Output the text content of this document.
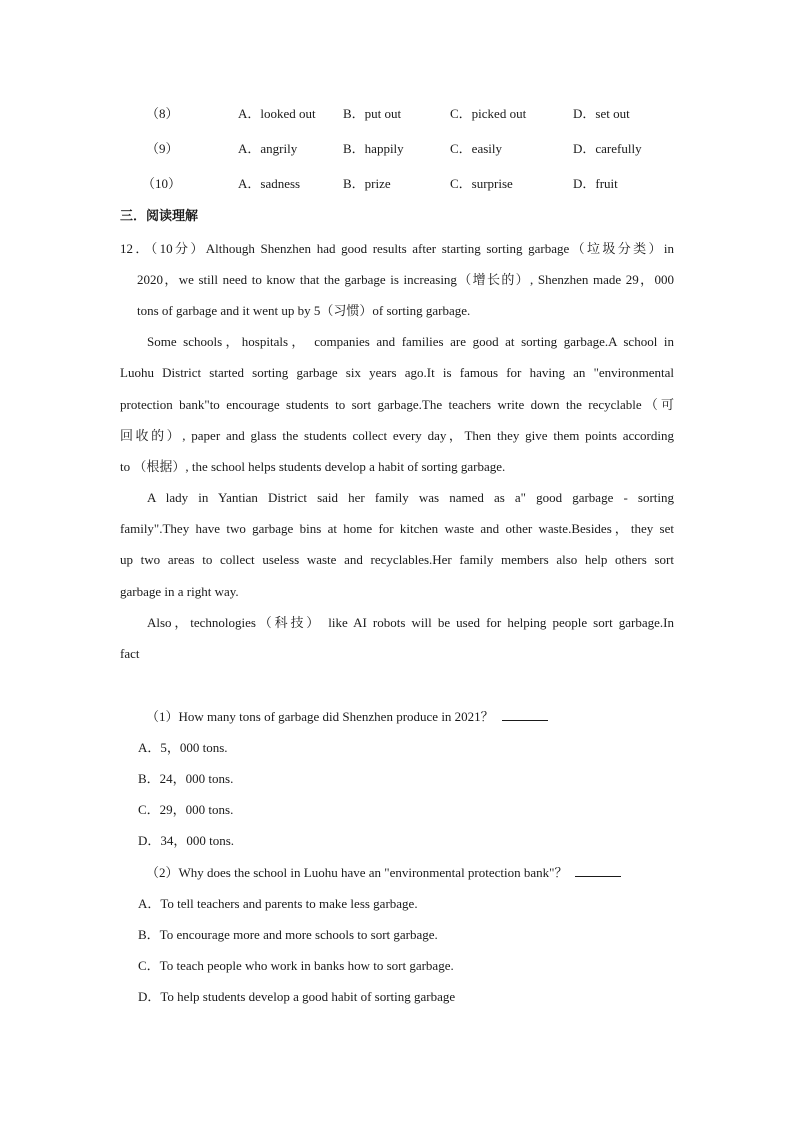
（8）	A．looked out B．put out	C．picked out	D．set out
（9）	A．angrily	B．happily	C．easily	D．carefully
（10）	A．sadness	B．prize	C．surprise	D．fruit
三．阅读理解
12．（10分）Although Shenzhen had good results after starting sorting garbage（垃圾分类）in
2020，we still need to know that the garbage is increasing（增长的）, Shenzhen made 29，000
tons of garbage and it went up by 5（习惯）of sorting garbage.
Some schools，hospitals， companies and families are good at sorting garbage.A school in
Luohu District started sorting garbage six years ago.It is famous for having an "environmental
protection bank"to encourage students to sort garbage.The teachers write down the recyclable（可
回收的）, paper and glass the students collect every day，Then they give them points according
to （根据）, the school helps students develop a habit of sorting garbage.
A lady in Yantian District said her family was named as a" good garbage - sorting
family".They have two garbage bins at home for kitchen waste and other waste.Besides，they set
up two areas to collect useless waste and recyclables.Her family members also help others sort
garbage in a right way.
Also，technologies（科技） like AI robots will be used for helping people sort garbage.In
fact
（1）How many tons of garbage did Shenzhen produce in 2021？
A．5，000 tons.
B．24，000 tons.
C．29，000 tons.
D．34，000 tons.
（2）Why does the school in Luohu have an "environmental protection bank"？
A．To tell teachers and parents to make less garbage.
B．To encourage more and more schools to sort garbage.
C．To teach people who work in banks how to sort garbage.
D．To help students develop a good habit of sorting garbage
